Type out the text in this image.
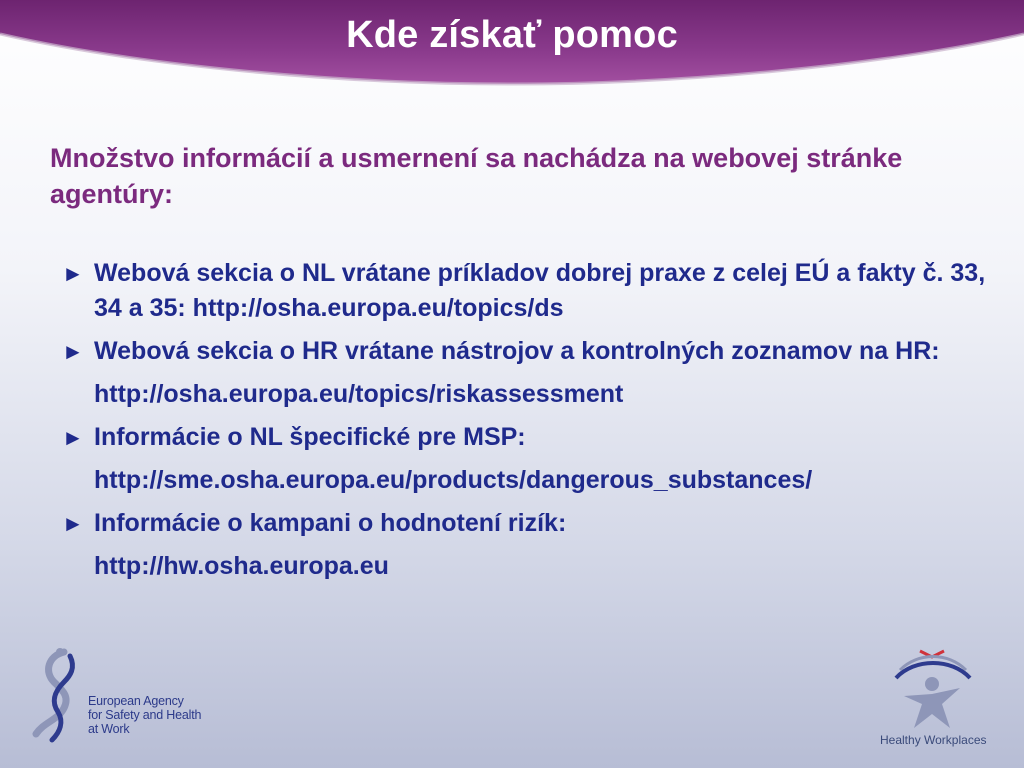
Kde získať pomoc
Množstvo informácií a usmernení sa nachádza na webovej stránke agentúry:
► Webová sekcia o NL vrátane príkladov dobrej praxe z celej EÚ a fakty č. 33, 34 a 35: http://osha.europa.eu/topics/ds
► Webová sekcia o HR vrátane nástrojov a kontrolných zoznamov na HR:
http://osha.europa.eu/topics/riskassessment
► Informácie o NL špecifické pre MSP:
http://sme.osha.europa.eu/products/dangerous_substances/
► Informácie o kampani o hodnotení rizík:
http://hw.osha.europa.eu
European Agency
for Safety and Health
at Work
Healthy Workplaces
